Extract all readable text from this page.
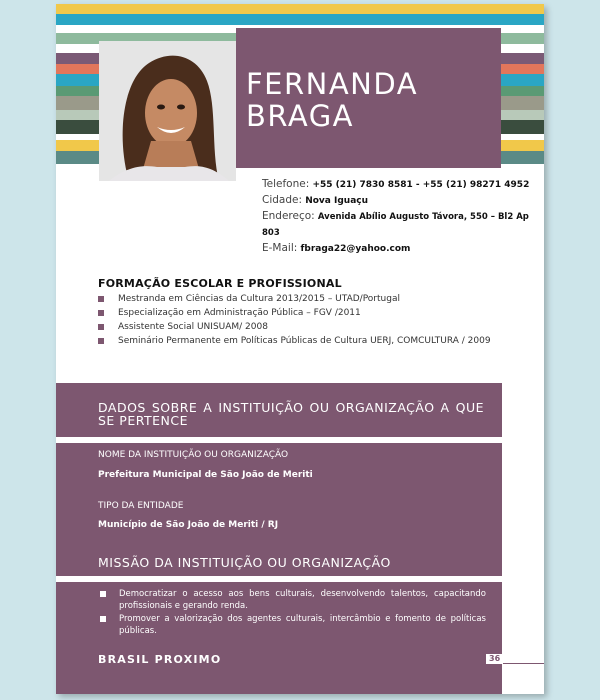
FERNANDA
BRAGA
Telefone: +55 (21) 7830 8581 - +55 (21) 98271 4952
Cidade: Nova Iguaçu
Endereço: Avenida Abílio Augusto Távora, 550 – Bl2 Ap 803
E-Mail: fbraga22@yahoo.com
FORMAÇÃO ESCOLAR E PROFISSIONAL
Mestranda em Ciências da Cultura 2013/2015 – UTAD/Portugal
Especialização em Administração Pública – FGV /2011
Assistente Social UNISUAM/ 2008
Seminário Permanente em Políticas Públicas de Cultura UERJ, COMCULTURA / 2009
DADOS SOBRE A INSTITUIÇÃO OU ORGANIZAÇÃO A QUE SE PERTENCE
NOME DA INSTITUIÇÃO OU ORGANIZAÇÃO
Prefeitura Municipal de São João de Meriti
TIPO DA ENTIDADE
Município de São João de Meriti / RJ
MISSÃO DA INSTITUIÇÃO OU ORGANIZAÇÃO
Democratizar o acesso aos bens culturais, desenvolvendo talentos, capacitando profissionais e gerando renda.
Promover a valorização dos agentes culturais, intercâmbio e fomento de políticas públicas.
BRASIL PROXIMO	36
